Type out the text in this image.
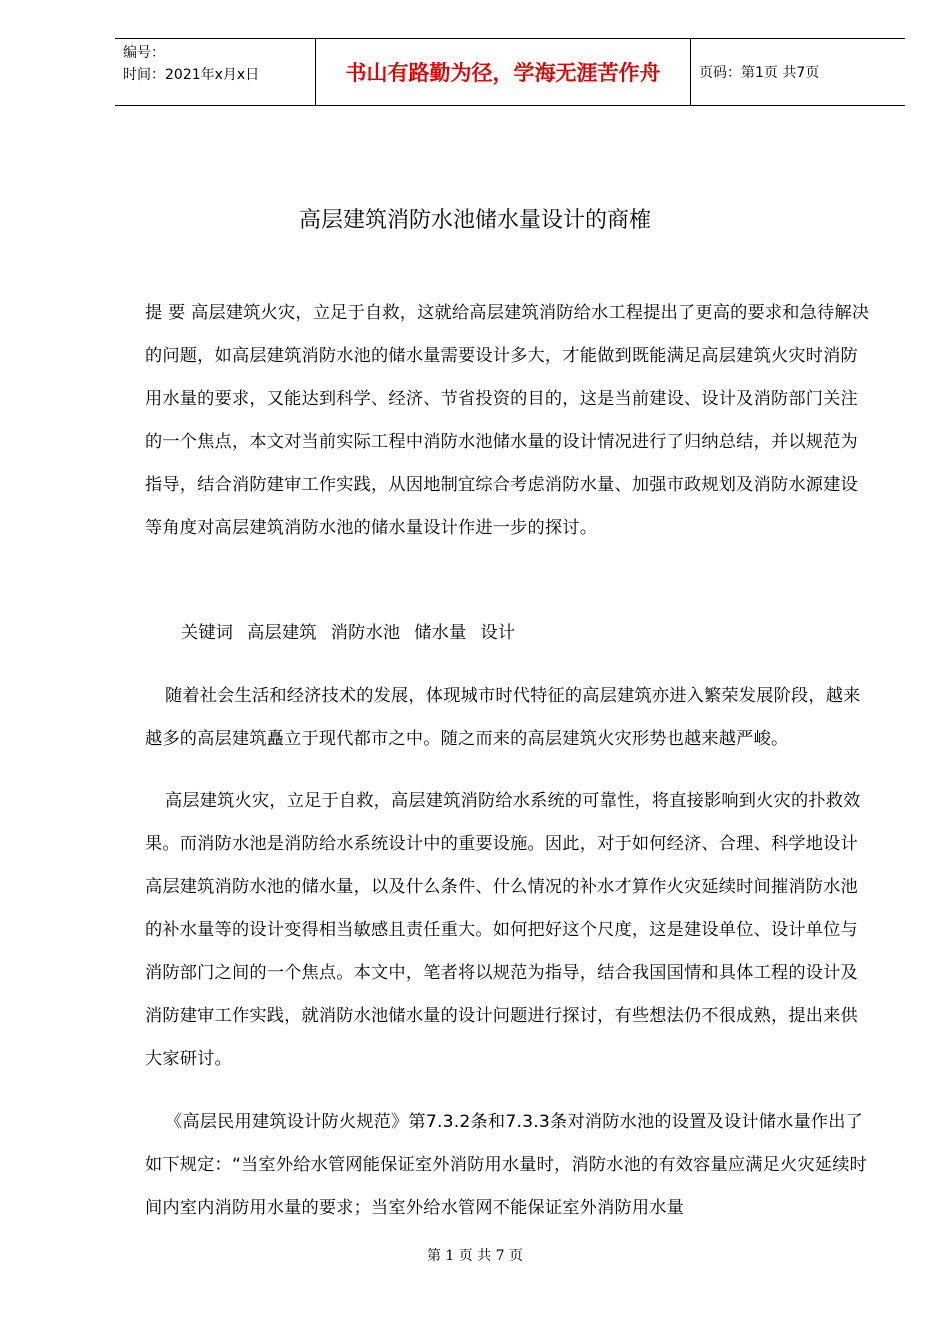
编号：
时间：2021年x月x日	书山有路勤为径，学海无涯苦作舟	页码：第1页 共7页
高层建筑消防水池储水量设计的商榷
提 要 高层建筑火灾，立足于自救，这就给高层建筑消防给水工程提出了更高的要求和急待解决的问题，如高层建筑消防水池的储水量需要设计多大，才能做到既能满足高层建筑火灾时消防用水量的要求，又能达到科学、经济、节省投资的目的，这是当前建设、设计及消防部门关注的一个焦点，本文对当前实际工程中消防水池储水量的设计情况进行了归纳总结，并以规范为指导，结合消防建审工作实践，从因地制宜综合考虑消防水量、加强市政规划及消防水源建设等角度对高层建筑消防水池的储水量设计作进一步的探讨。
关键词 高层建筑 消防水池 储水量 设计
随着社会生活和经济技术的发展，体现城市时代特征的高层建筑亦进入繁荣发展阶段，越来越多的高层建筑矗立于现代都市之中。随之而来的高层建筑火灾形势也越来越严峻。
高层建筑火灾，立足于自救，高层建筑消防给水系统的可靠性，将直接影响到火灾的扑救效果。而消防水池是消防给水系统设计中的重要设施。因此，对于如何经济、合理、科学地设计高层建筑消防水池的储水量，以及什么条件、什么情况的补水才算作火灾延续时间摧消防水池的补水量等的设计变得相当敏感且责任重大。如何把好这个尺度，这是建设单位、设计单位与消防部门之间的一个焦点。本文中，笔者将以规范为指导，结合我国国情和具体工程的设计及消防建审工作实践，就消防水池储水量的设计问题进行探讨，有些想法仍不很成熟，提出来供大家研讨。
《高层民用建筑设计防火规范》第7.3.2条和7.3.3条对消防水池的设置及设计储水量作出了如下规定：“当室外给水管网能保证室外消防用水量时，消防水池的有效容量应满足火灾延续时间内室内消防用水量的要求；当室外给水管网不能保证室外消防用水量
第 1 页 共 7 页
